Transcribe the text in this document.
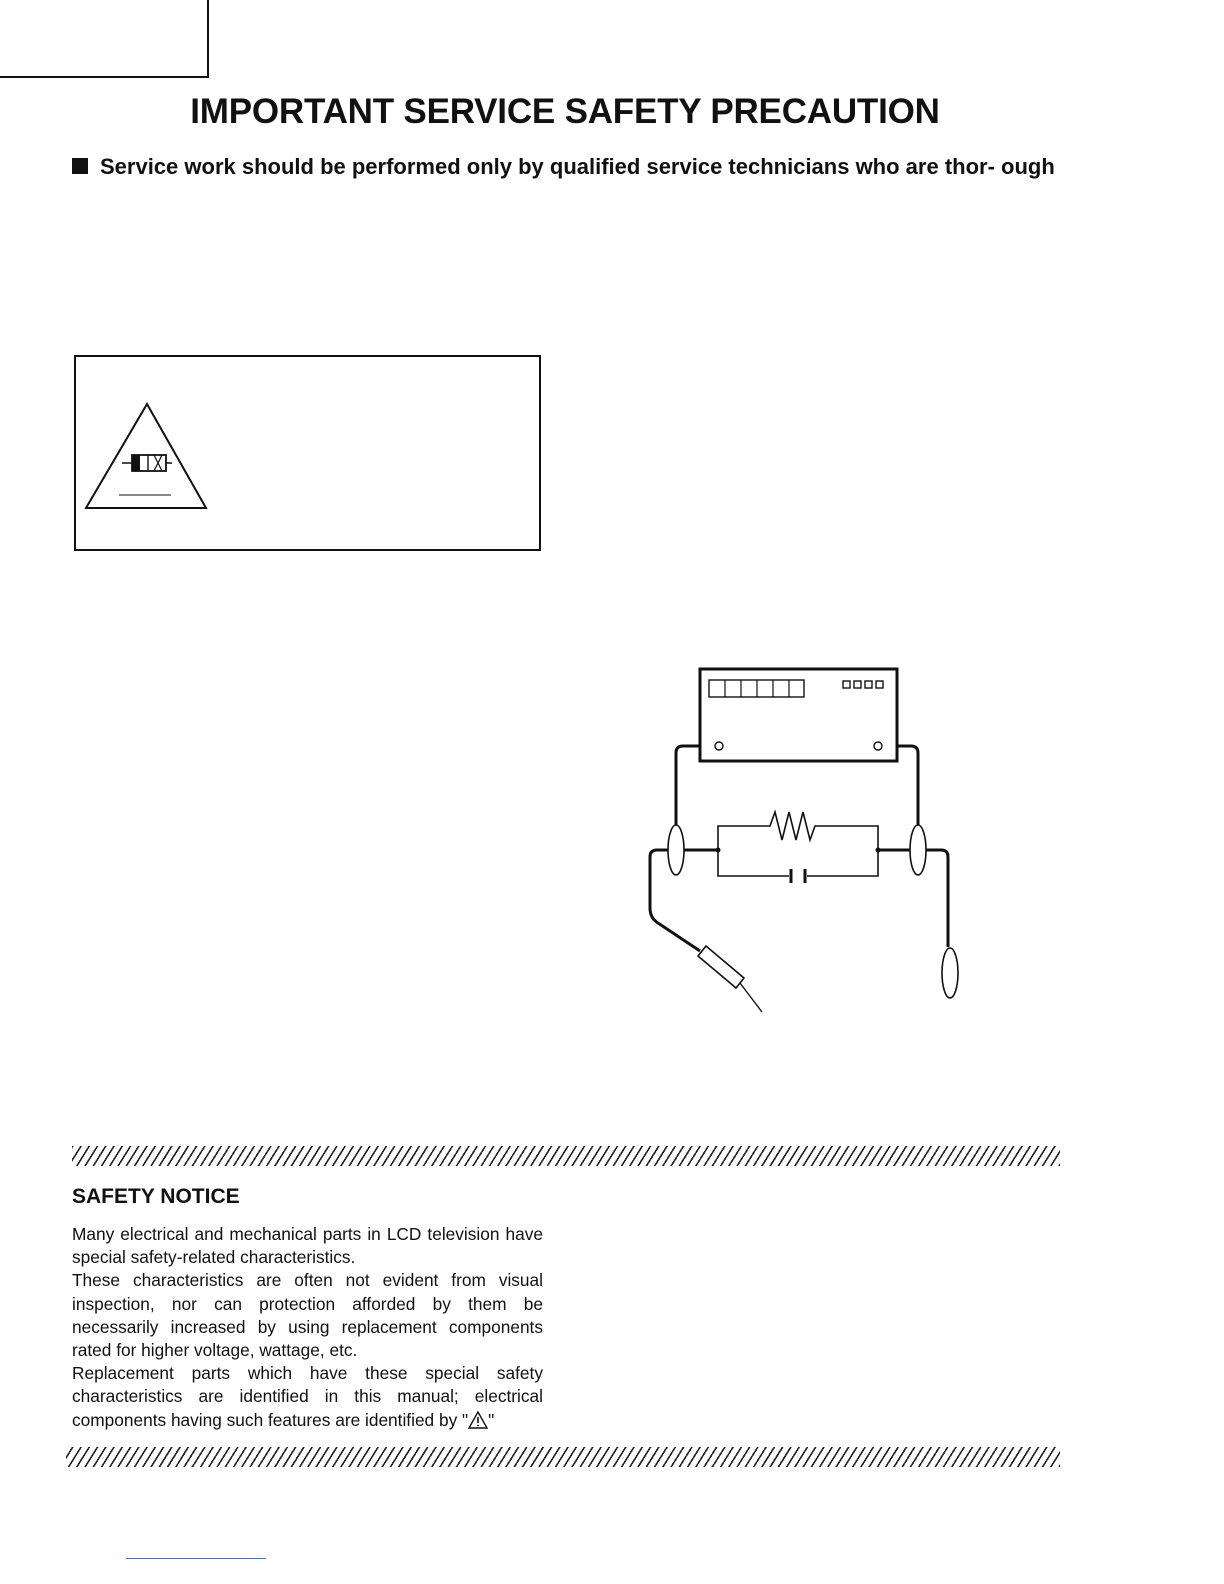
IMPORTANT SERVICE SAFETY PRECAUTION
Service work should be performed only by qualified service technicians who are thor- ough
SAFETY NOTICE

Many electrical and mechanical parts in LCD television have special safety-related characteristics.

These characteristics are often not evident from visual inspection, nor can protection afforded by them be necessarily increased by using replacement components rated for higher voltage, wattage, etc.

Replacement parts which have these special safety characteristics are identified in this manual; electrical components having such features are identified by " "
